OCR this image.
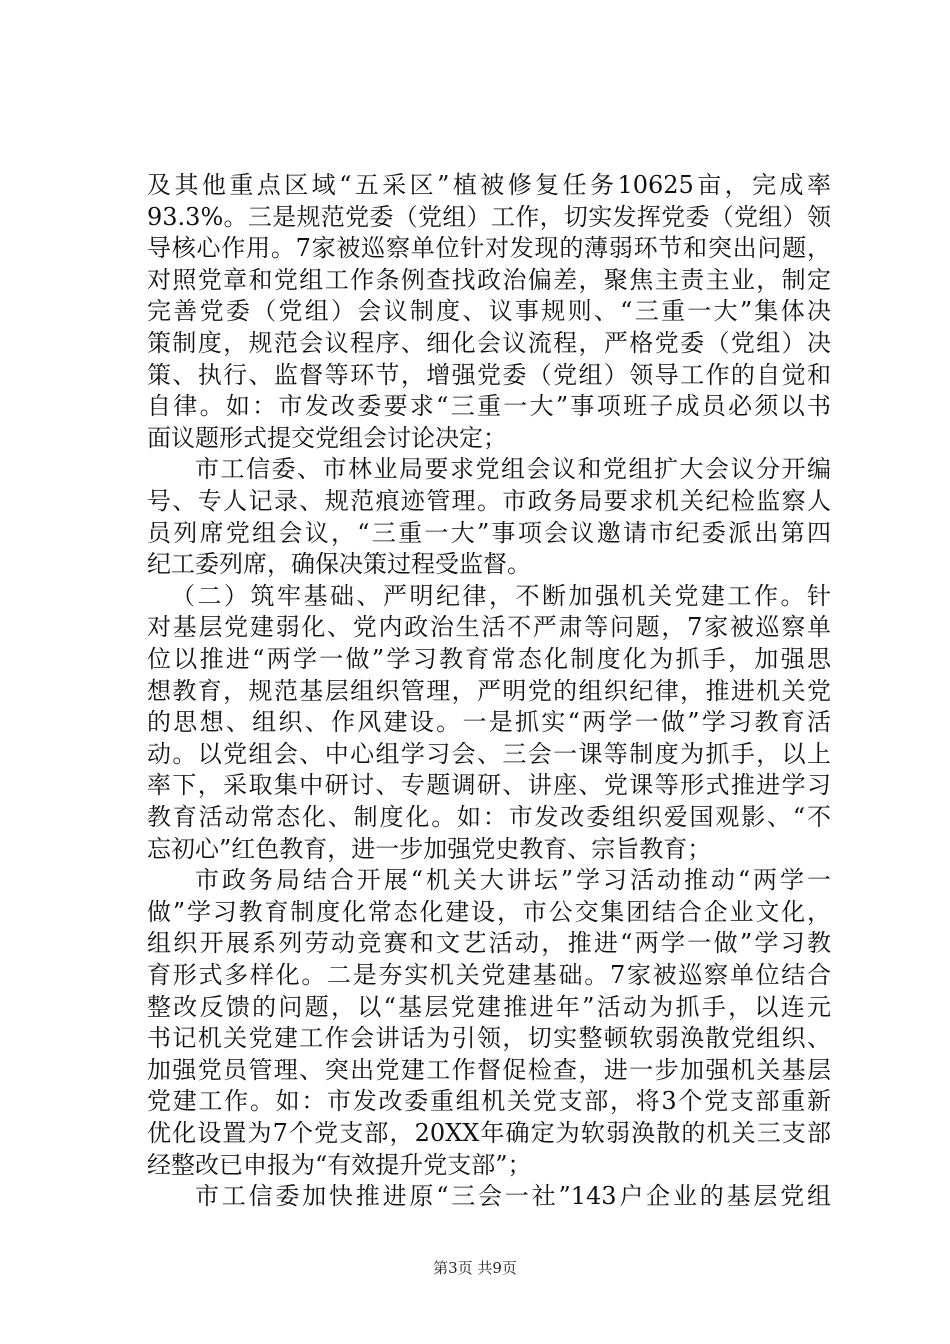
及其他重点区域“五采区”植被修复任务10625亩，完成率
93.3%。三是规范党委（党组）工作，切实发挥党委（党组）领
导核心作用。7家被巡察单位针对发现的薄弱环节和突出问题，
对照党章和党组工作条例查找政治偏差，聚焦主责主业，制定
完善党委（党组）会议制度、议事规则、“三重一大”集体决
策制度，规范会议程序、细化会议流程，严格党委（党组）决
策、执行、监督等环节，增强党委（党组）领导工作的自觉和
自律。如：市发改委要求“三重一大”事项班子成员必须以书
面议题形式提交党组会讨论决定；
市工信委、市林业局要求党组会议和党组扩大会议分开编
号、专人记录、规范痕迹管理。市政务局要求机关纪检监察人
员列席党组会议，“三重一大”事项会议邀请市纪委派出第四
纪工委列席，确保决策过程受监督。
（二）筑牢基础、严明纪律，不断加强机关党建工作。针
对基层党建弱化、党内政治生活不严肃等问题，7家被巡察单
位以推进“两学一做”学习教育常态化制度化为抓手，加强思
想教育，规范基层组织管理，严明党的组织纪律，推进机关党
的思想、组织、作风建设。一是抓实“两学一做”学习教育活
动。以党组会、中心组学习会、三会一课等制度为抓手，以上
率下，采取集中研讨、专题调研、讲座、党课等形式推进学习
教育活动常态化、制度化。如：市发改委组织爱国观影、“不
忘初心”红色教育，进一步加强党史教育、宗旨教育；
市政务局结合开展“机关大讲坛”学习活动推动“两学一
做”学习教育制度化常态化建设，市公交集团结合企业文化，
组织开展系列劳动竞赛和文艺活动，推进“两学一做”学习教
育形式多样化。二是夯实机关党建基础。7家被巡察单位结合
整改反馈的问题，以“基层党建推进年”活动为抓手，以连元
书记机关党建工作会讲话为引领，切实整顿软弱涣散党组织、
加强党员管理、突出党建工作督促检查，进一步加强机关基层
党建工作。如：市发改委重组机关党支部，将3个党支部重新
优化设置为7个党支部，20XX年确定为软弱涣散的机关三支部
经整改已申报为“有效提升党支部”；
市工信委加快推进原“三会一社”143户企业的基层党组
第3页 共9页
